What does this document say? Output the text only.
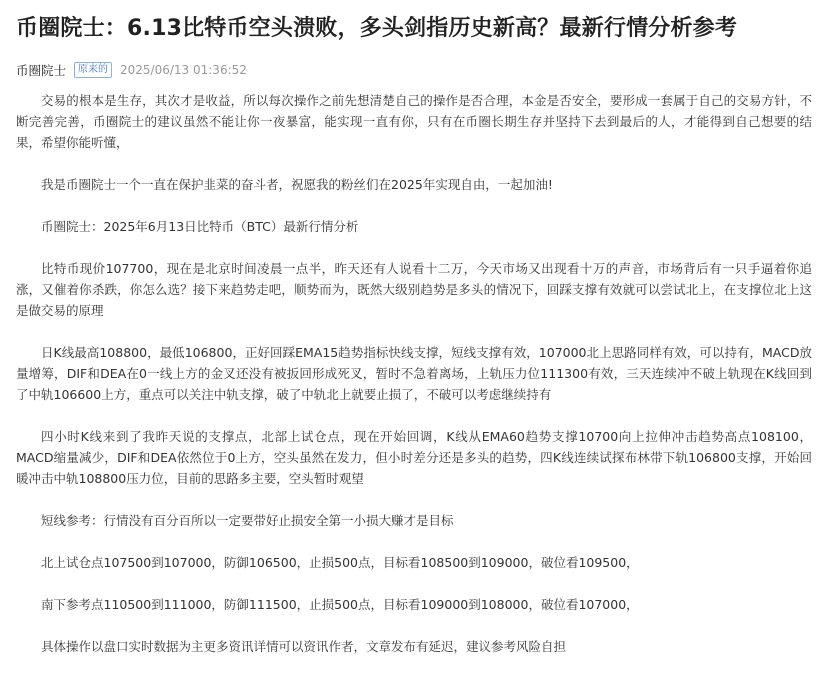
币圈院士：6.13比特币空头溃败，多头剑指历史新高？最新行情分析参考
币圈院士	原来的	2025/06/13 01:36:52

交易的根本是生存，其次才是收益，所以每次操作之前先想清楚自己的操作是否合理，本金是否安全，要形成一套属于自己的交易方针，不断完善完善，币圈院士的建议虽然不能让你一夜暴富，能实现一直有你，只有在币圈长期生存并坚持下去到最后的人，才能得到自己想要的结果，希望你能听懂，

我是币圈院士一个一直在保护韭菜的奋斗者，祝愿我的粉丝们在2025年实现自由，一起加油!

币圈院士：2025年6月13日比特币（BTC）最新行情分析

比特币现价107700，现在是北京时间凌晨一点半，昨天还有人说看十二万，今天市场又出现看十万的声音，市场背后有一只手逼着你追涨，又催着你杀跌，你怎么选？接下来趋势走吧，顺势而为，既然大级别趋势是多头的情况下，回踩支撑有效就可以尝试北上，在支撑位北上这是做交易的原理

日K线最高108800，最低106800，正好回踩EMA15趋势指标快线支撑，短线支撑有效，107000北上思路同样有效，可以持有，MACD放量增筹，DIF和DEA在0一线上方的金叉还没有被扳回形成死叉，暂时不急着离场，上轨压力位111300有效，三天连续冲不破上轨现在K线回到了中轨106600上方，重点可以关注中轨支撑，破了中轨北上就要止损了，不破可以考虑继续持有

四小时K线来到了我昨天说的支撑点，北部上试仓点，现在开始回调，K线从EMA60趋势支撑10700向上拉伸冲击趋势高点108100，MACD缩量减少，DIF和DEA依然位于0上方，空头虽然在发力，但小时差分还是多头的趋势，四K线连续试探布林带下轨106800支撑，开始回暖冲击中轨108800压力位，目前的思路多主要，空头暂时观望

短线参考：行情没有百分百所以一定要带好止损安全第一小损大赚才是目标

北上试仓点107500到107000，防御106500，止损500点，目标看108500到109000，破位看109500，

南下参考点110500到111000，防御111500，止损500点，目标看109000到108000，破位看107000，

具体操作以盘口实时数据为主更多资讯详情可以资讯作者，文章发布有延迟，建议参考风险自担
